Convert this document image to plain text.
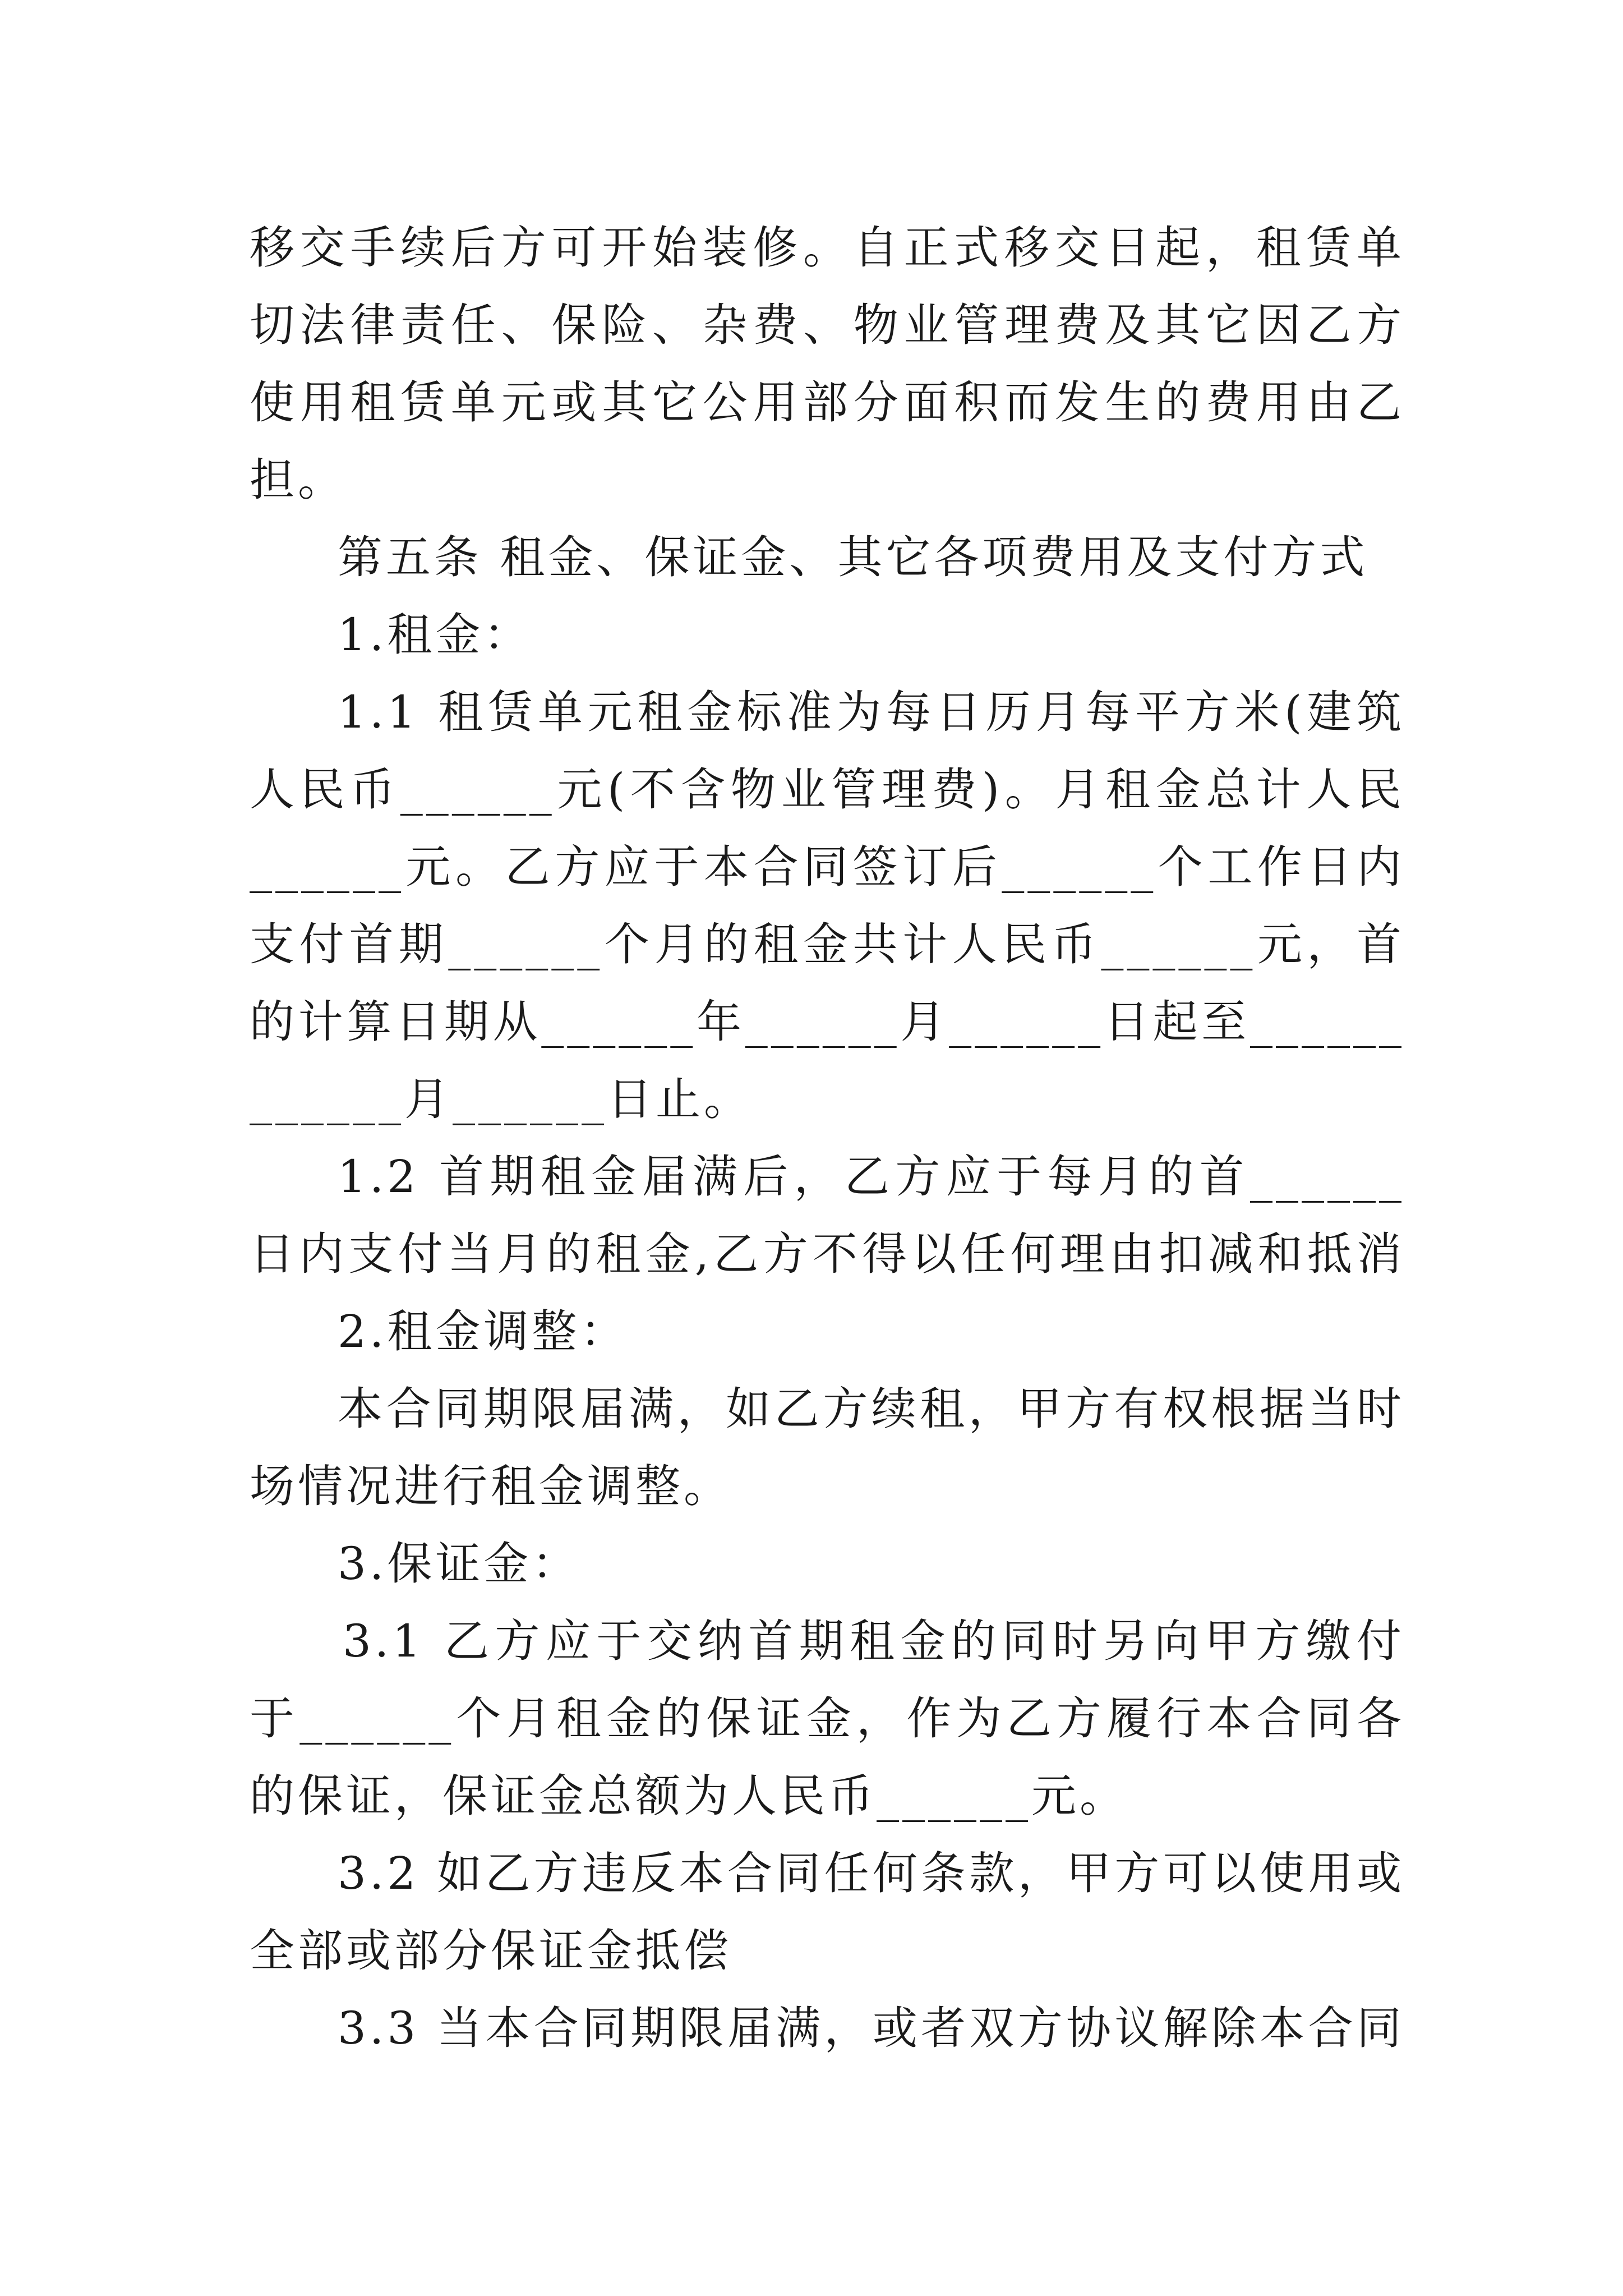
移交手续后方可开始装修。自正式移交日起，租赁单
切法律责任、保险、杂费、物业管理费及其它因乙方
使用租赁单元或其它公用部分面积而发生的费用由乙
担。
第五条 租金、保证金、其它各项费用及支付方式
1.租金：
1.1 租赁单元租金标准为每日历月每平方米(建筑
人民币______元(不含物业管理费)。月租金总计人民
______元。乙方应于本合同签订后______个工作日内
支付首期______个月的租金共计人民币______元，首
的计算日期从______年______月______日起至______
______月______日止。
1.2 首期租金届满后，乙方应于每月的首______
日内支付当月的租金,乙方不得以任何理由扣减和抵消
2.租金调整：
本合同期限届满，如乙方续租，甲方有权根据当时
场情况进行租金调整。
3.保证金：
3.1 乙方应于交纳首期租金的同时另向甲方缴付
于______个月租金的保证金，作为乙方履行本合同各
的保证，保证金总额为人民币______元。
3.2 如乙方违反本合同任何条款，甲方可以使用或
全部或部分保证金抵偿
3.3 当本合同期限届满，或者双方协议解除本合同
